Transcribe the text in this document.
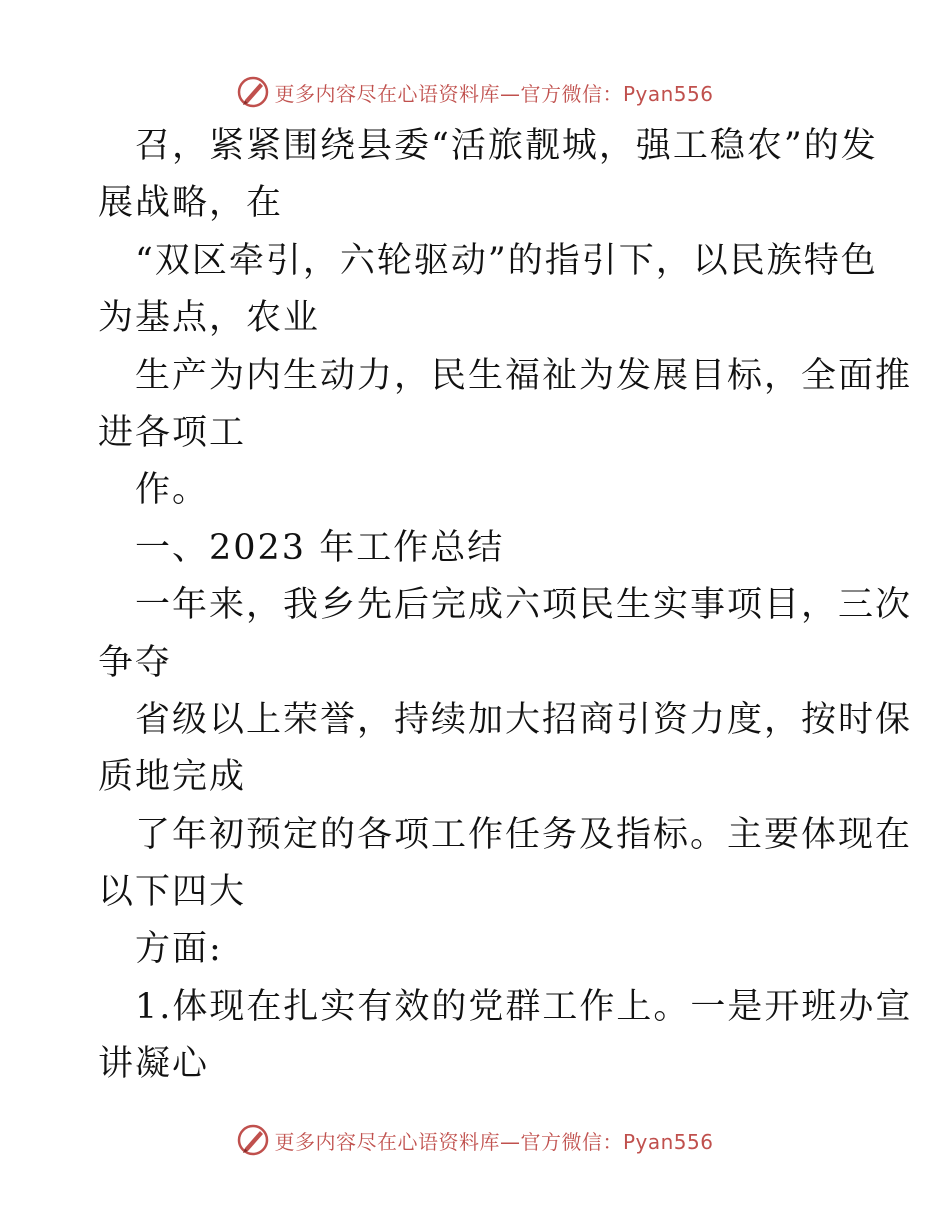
更多内容尽在心语资料库—官方微信：Pyan556
召，紧紧围绕县委“活旅靓城，强工稳农”的发
展战略，在
“双区牵引，六轮驱动”的指引下，以民族特色
为基点，农业
生产为内生动力，民生福祉为发展目标，全面推
进各项工
作。
一、2023 年工作总结
一年来，我乡先后完成六项民生实事项目，三次
争夺
省级以上荣誉，持续加大招商引资力度，按时保
质地完成
了年初预定的各项工作任务及指标。主要体现在
以下四大
方面:
1.体现在扎实有效的党群工作上。一是开班办宣
讲凝心
更多内容尽在心语资料库—官方微信：Pyan556
